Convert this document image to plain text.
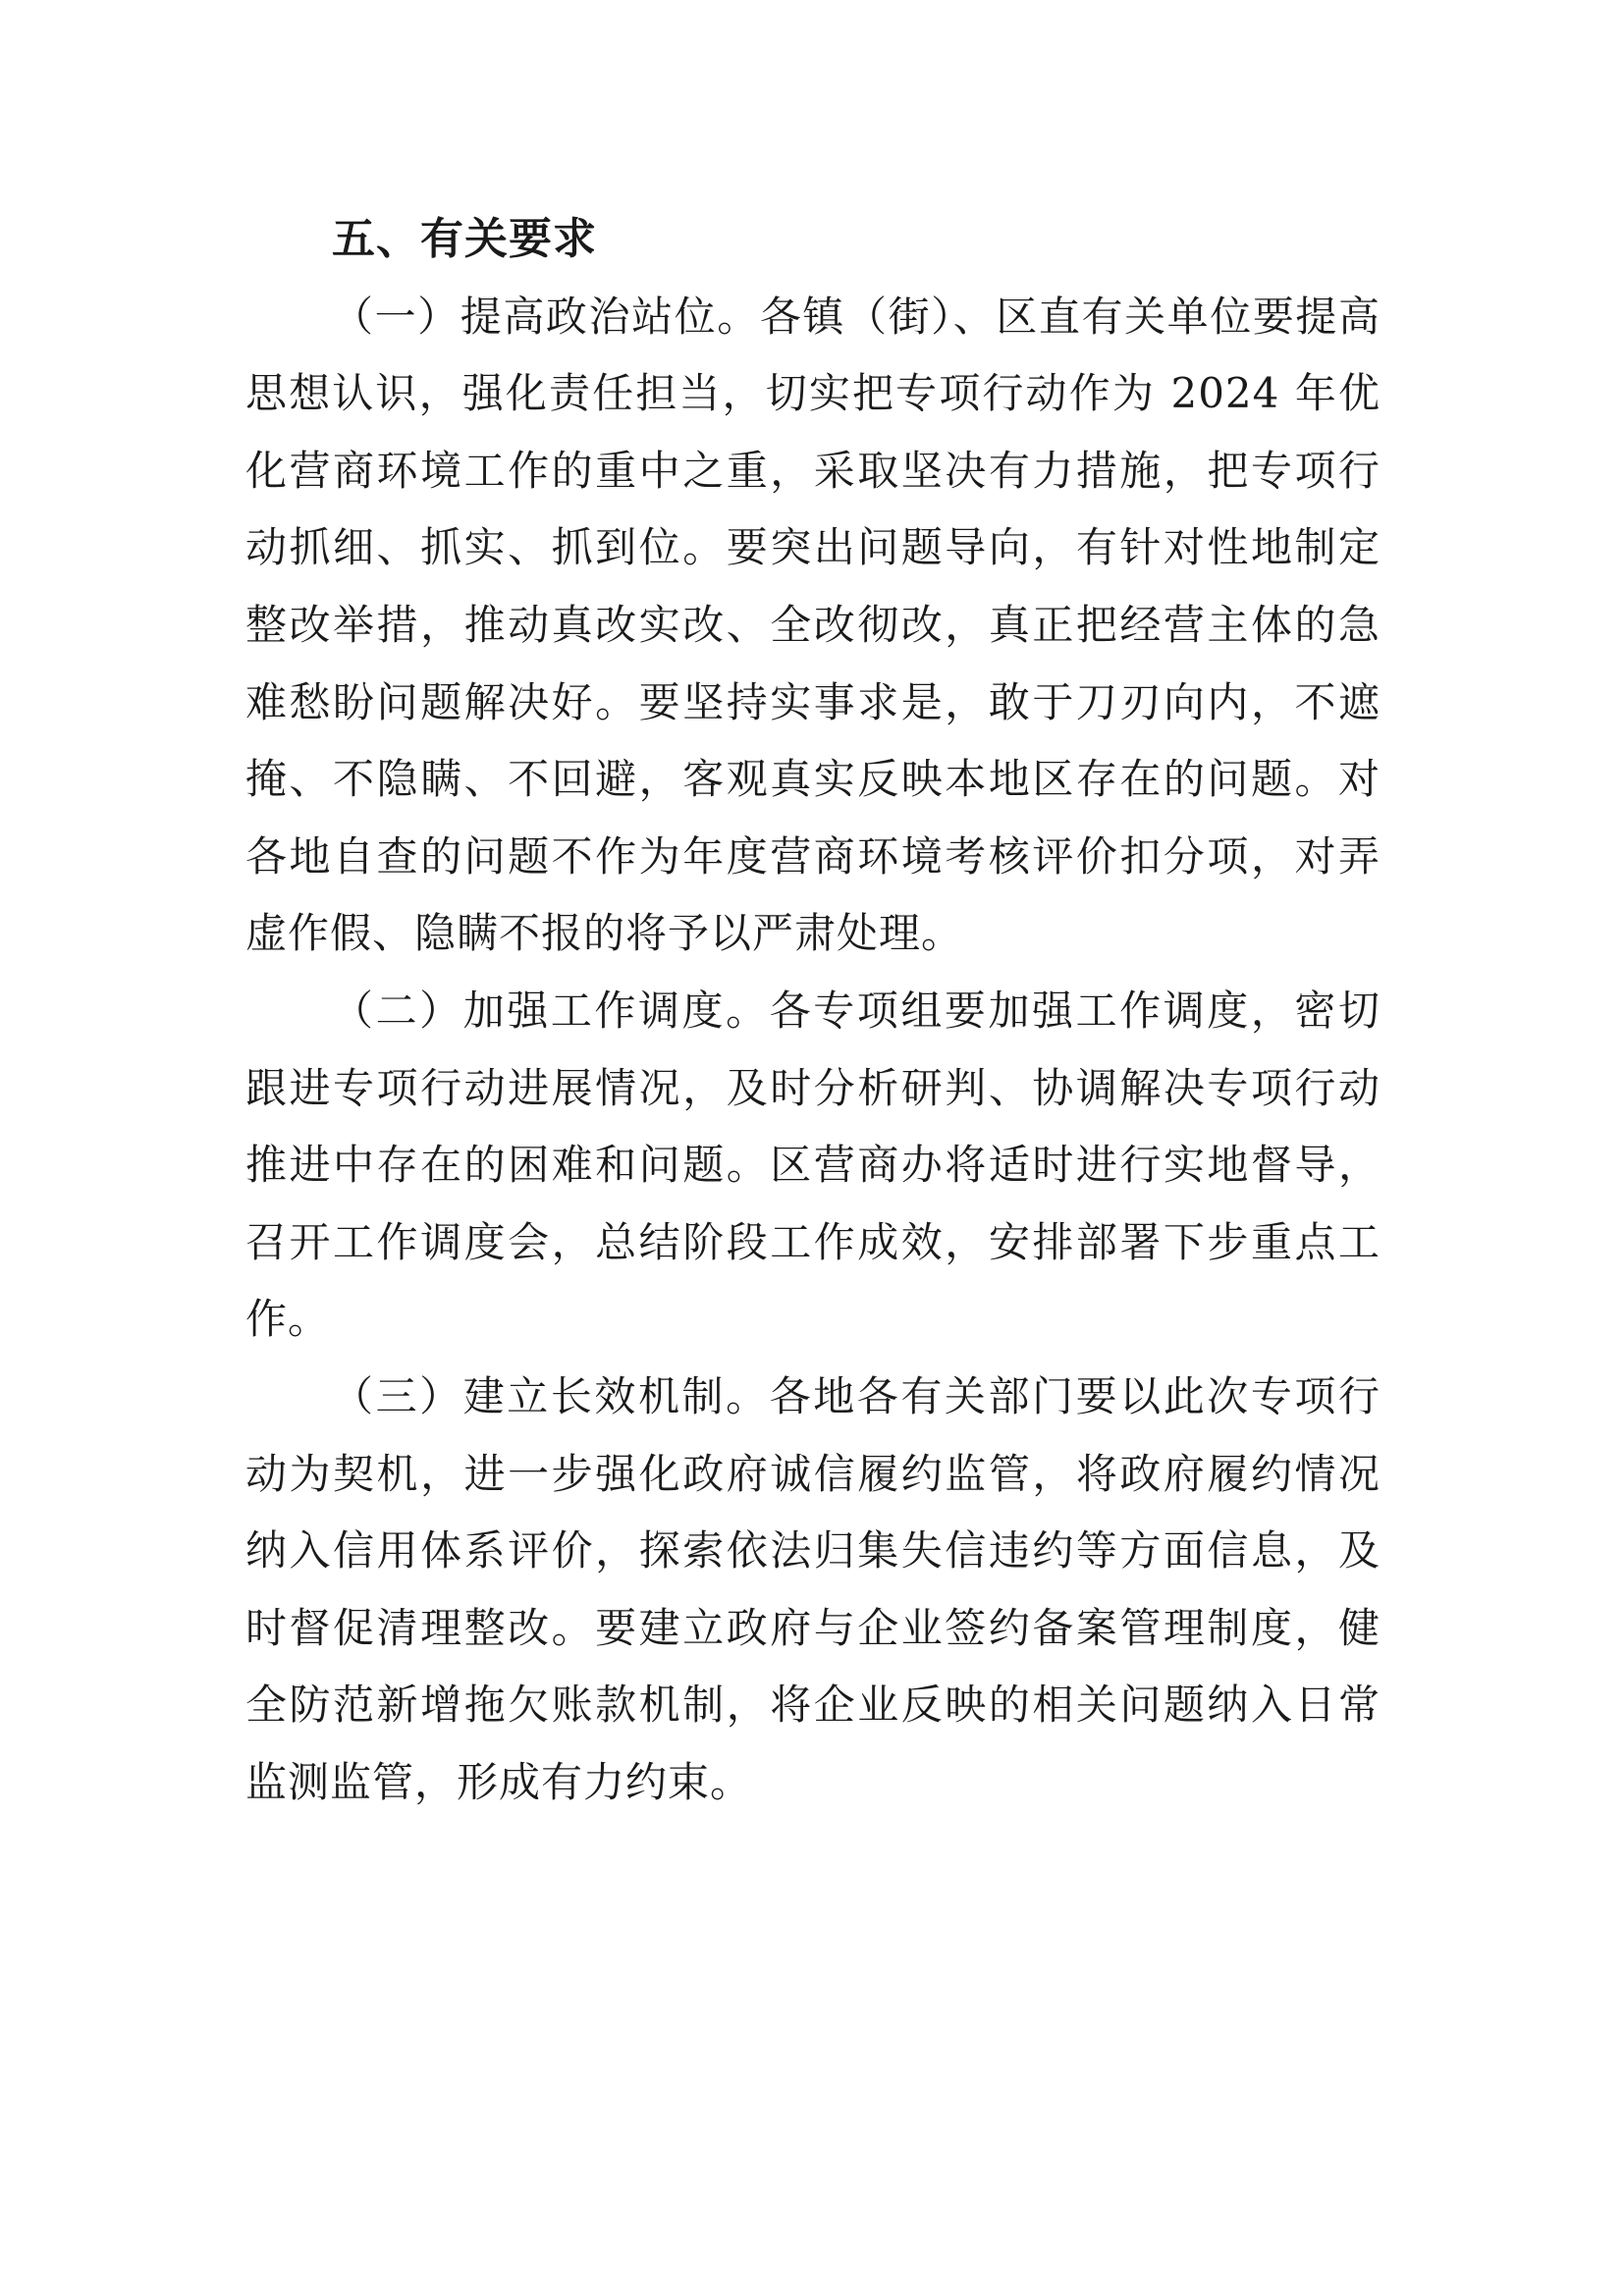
五、有关要求

（一）提高政治站位。各镇（街）、区直有关单位要提高思想认识，强化责任担当，切实把专项行动作为 2024 年优化营商环境工作的重中之重，采取坚决有力措施，把专项行动抓细、抓实、抓到位。要突出问题导向，有针对性地制定整改举措，推动真改实改、全改彻改，真正把经营主体的急难愁盼问题解决好。要坚持实事求是，敢于刀刃向内，不遮掩、不隐瞒、不回避，客观真实反映本地区存在的问题。对各地自查的问题不作为年度营商环境考核评价扣分项，对弄虚作假、隐瞒不报的将予以严肃处理。

（二）加强工作调度。各专项组要加强工作调度，密切跟进专项行动进展情况，及时分析研判、协调解决专项行动推进中存在的困难和问题。区营商办将适时进行实地督导，召开工作调度会，总结阶段工作成效，安排部署下步重点工作。

（三）建立长效机制。各地各有关部门要以此次专项行动为契机，进一步强化政府诚信履约监管，将政府履约情况纳入信用体系评价，探索依法归集失信违约等方面信息，及时督促清理整改。要建立政府与企业签约备案管理制度，健全防范新增拖欠账款机制，将企业反映的相关问题纳入日常监测监管，形成有力约束。
